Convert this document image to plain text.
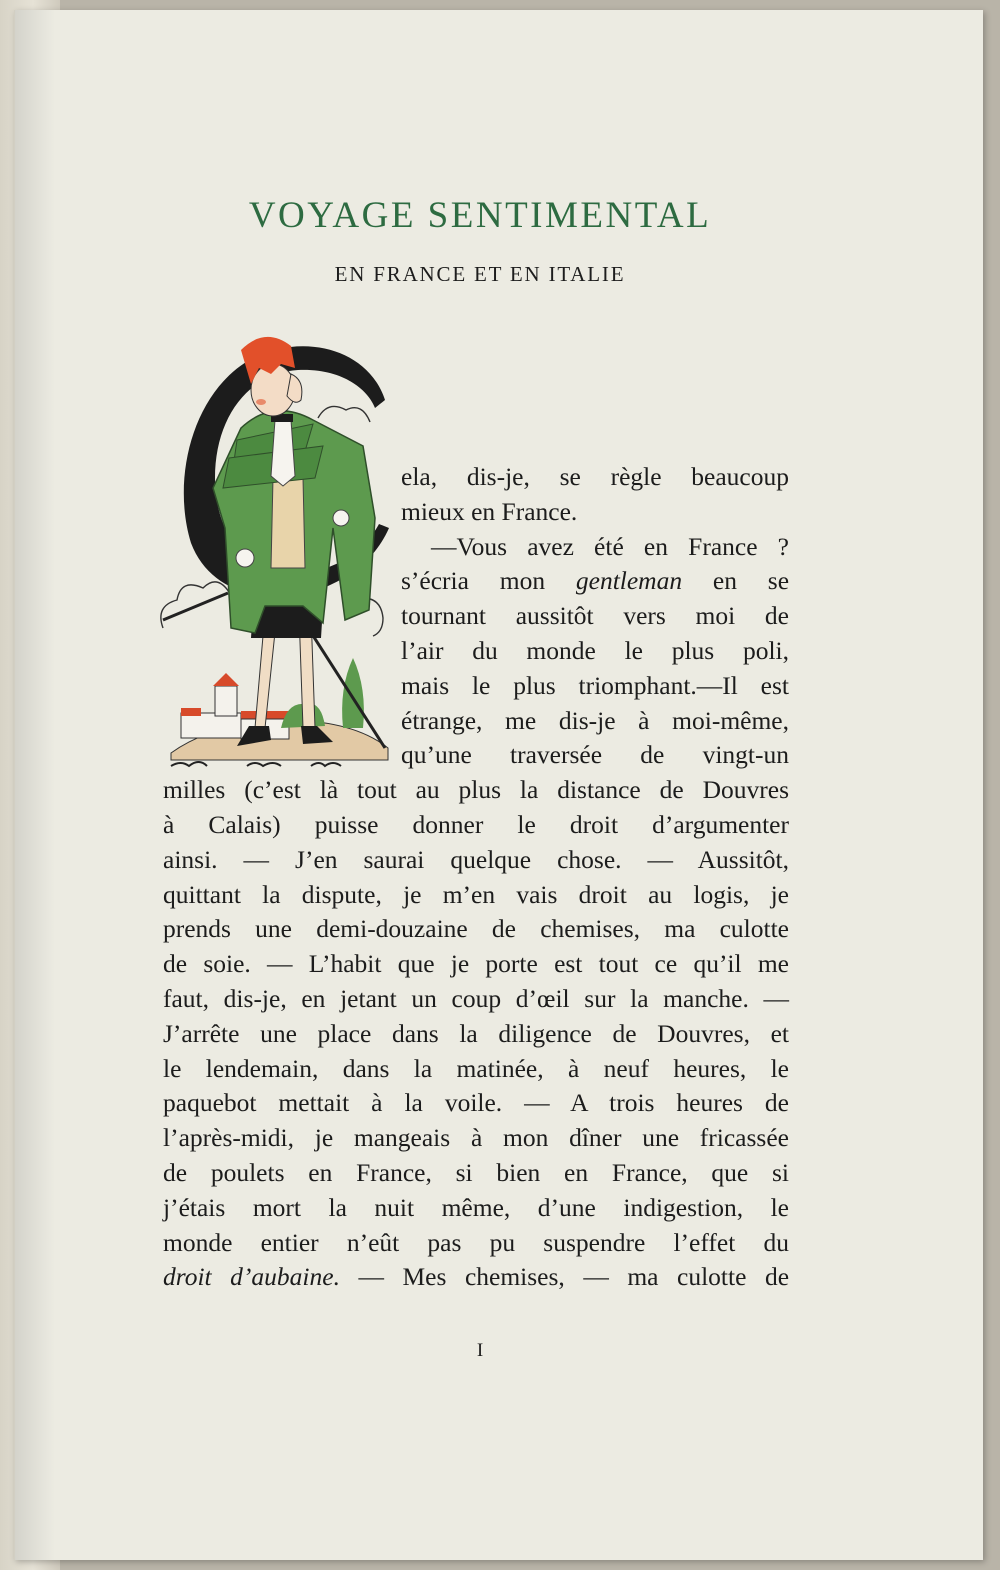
VOYAGE SENTIMENTAL
EN FRANCE ET EN ITALIE
ela, dis-je, se règle beaucoup
mieux en France.
—Vous avez été en France ?
s’écria mon gentleman en se
tournant aussitôt vers moi de
l’air du monde le plus poli,
mais le plus triomphant.—Il est
étrange, me dis-je à moi-même,
qu’une traversée de vingt-un
milles (c’est là tout au plus la distance de Douvres
à Calais) puisse donner le droit d’argumenter
ainsi. — J’en saurai quelque chose. — Aussitôt,
quittant la dispute, je m’en vais droit au logis, je
prends une demi-douzaine de chemises, ma culotte
de soie. — L’habit que je porte est tout ce qu’il me
faut, dis-je, en jetant un coup d’œil sur la manche. —
J’arrête une place dans la diligence de Douvres, et
le lendemain, dans la matinée, à neuf heures, le
paquebot mettait à la voile. — A trois heures de
l’après-midi, je mangeais à mon dîner une fricassée
de poulets en France, si bien en France, que si
j’étais mort la nuit même, d’une indigestion, le
monde entier n’eût pas pu suspendre l’effet du
droit d’aubaine. — Mes chemises, — ma culotte de
I
